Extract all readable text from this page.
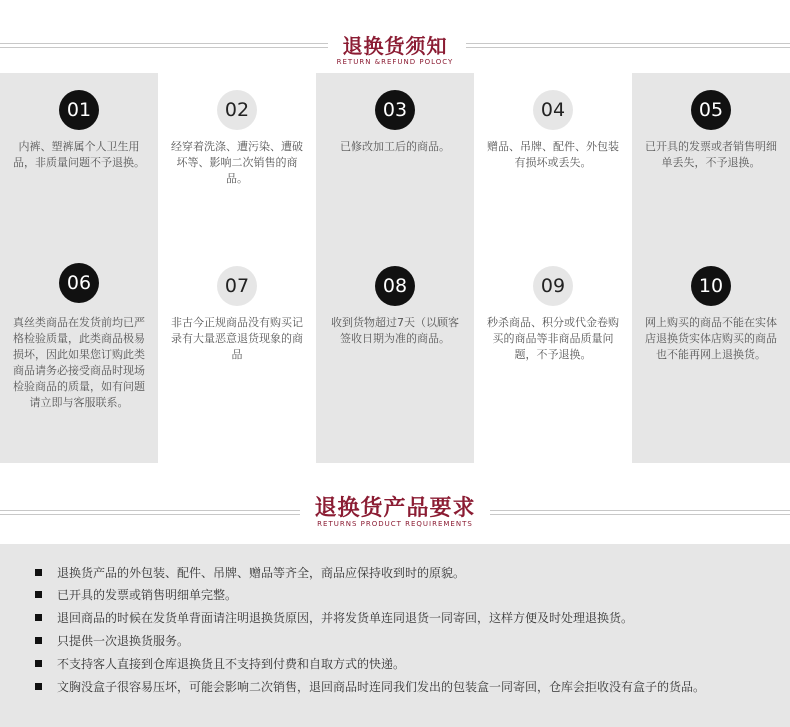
退换货须知
RETURN &REFUND POLOCY
01
内裤、塑裤属个人卫生用品，非质量问题不予退换。
02
经穿着洗涤、遭污染、遭破坏等、影响二次销售的商品。
03
已修改加工后的商品。
04
赠品、吊牌、配件、外包装有损坏或丢失。
05
已开具的发票或者销售明细单丢失，不予退换。
06
真丝类商品在发货前均已严格检验质量，此类商品极易损坏，因此如果您订购此类商品请务必接受商品时现场检验商品的质量，如有问题请立即与客服联系。
07
非古今正规商品没有购买记录有大量恶意退货现象的商品
08
收到货物超过7天（以顾客签收日期为准的商品。
09
秒杀商品、积分或代金卷购买的商品等非商品质量问题，不予退换。
10
网上购买的商品不能在实体店退换货实体店购买的商品也不能再网上退换货。
退换货产品要求
RETURNS PRODUCT REQUIREMENTS
退换货产品的外包装、配件、吊牌、赠品等齐全，商品应保持收到时的原貌。
已开具的发票或销售明细单完整。
退回商品的时候在发货单背面请注明退换货原因，并将发货单连同退货一同寄回，这样方便及时处理退换货。
只提供一次退换货服务。
不支持客人直接到仓库退换货且不支持到付费和自取方式的快递。
文胸没盒子很容易压坏，可能会影响二次销售，退回商品时连同我们发出的包装盒一同寄回，仓库会拒收没有盒子的货品。
